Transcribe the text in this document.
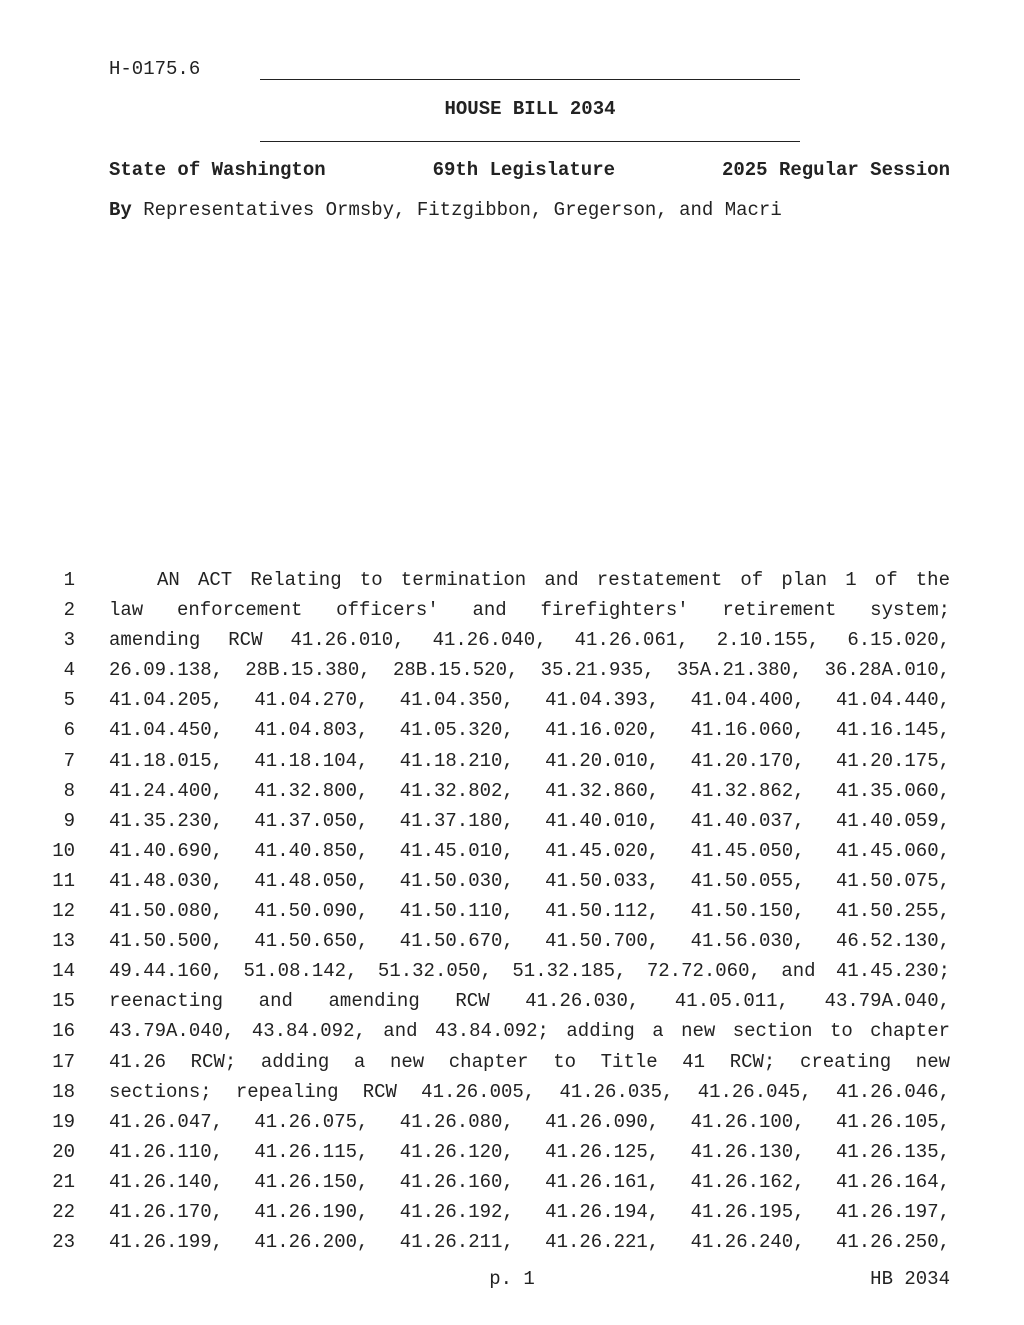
H-0175.6
HOUSE BILL 2034
State of Washington	69th Legislature	2025 Regular Session
By Representatives Ormsby, Fitzgibbon, Gregerson, and Macri
1	AN ACT Relating to termination and restatement of plan 1 of the
2 law enforcement officers' and firefighters' retirement system;
3 amending RCW 41.26.010, 41.26.040, 41.26.061, 2.10.155, 6.15.020,
4 26.09.138, 28B.15.380, 28B.15.520, 35.21.935, 35A.21.380, 36.28A.010,
5 41.04.205, 41.04.270, 41.04.350, 41.04.393, 41.04.400, 41.04.440,
6 41.04.450, 41.04.803, 41.05.320, 41.16.020, 41.16.060, 41.16.145,
7 41.18.015, 41.18.104, 41.18.210, 41.20.010, 41.20.170, 41.20.175,
8 41.24.400, 41.32.800, 41.32.802, 41.32.860, 41.32.862, 41.35.060,
9 41.35.230, 41.37.050, 41.37.180, 41.40.010, 41.40.037, 41.40.059,
10 41.40.690, 41.40.850, 41.45.010, 41.45.020, 41.45.050, 41.45.060,
11 41.48.030, 41.48.050, 41.50.030, 41.50.033, 41.50.055, 41.50.075,
12 41.50.080, 41.50.090, 41.50.110, 41.50.112, 41.50.150, 41.50.255,
13 41.50.500, 41.50.650, 41.50.670, 41.50.700, 41.56.030, 46.52.130,
14 49.44.160, 51.08.142, 51.32.050, 51.32.185, 72.72.060, and 41.45.230;
15 reenacting and amending RCW 41.26.030, 41.05.011, 43.79A.040,
16 43.79A.040, 43.84.092, and 43.84.092; adding a new section to chapter
17 41.26 RCW; adding a new chapter to Title 41 RCW; creating new
18 sections; repealing RCW 41.26.005, 41.26.035, 41.26.045, 41.26.046,
19 41.26.047, 41.26.075, 41.26.080, 41.26.090, 41.26.100, 41.26.105,
20 41.26.110, 41.26.115, 41.26.120, 41.26.125, 41.26.130, 41.26.135,
21 41.26.140, 41.26.150, 41.26.160, 41.26.161, 41.26.162, 41.26.164,
22 41.26.170, 41.26.190, 41.26.192, 41.26.194, 41.26.195, 41.26.197,
23 41.26.199, 41.26.200, 41.26.211, 41.26.221, 41.26.240, 41.26.250,
p. 1	HB 2034
